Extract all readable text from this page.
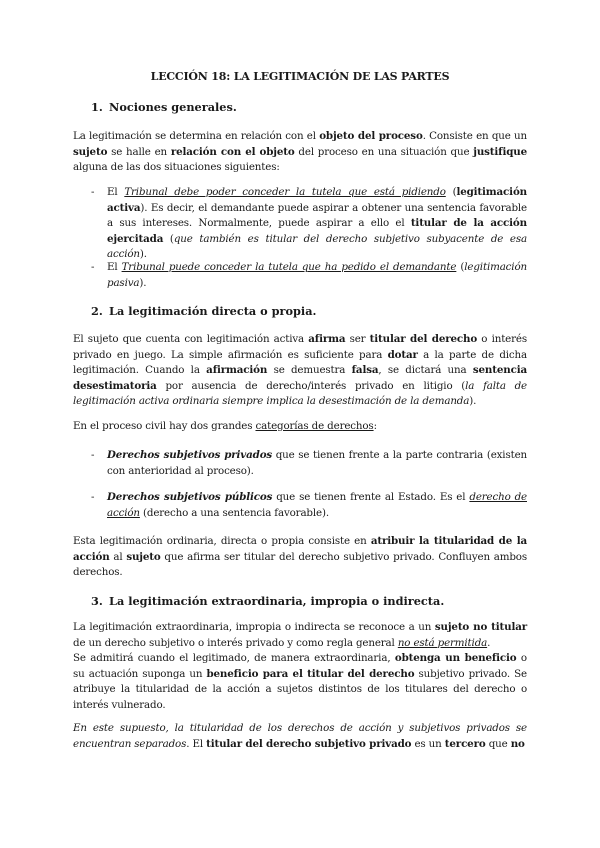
LECCIÓN 18: LA LEGITIMACIÓN DE LAS PARTES
1. Nociones generales.
La legitimación se determina en relación con el objeto del proceso. Consiste en que un sujeto se halle en relación con el objeto del proceso en una situación que justifique alguna de las dos situaciones siguientes:
- El Tribunal debe poder conceder la tutela que está pidiendo (legitimación activa). Es decir, el demandante puede aspirar a obtener una sentencia favorable a sus intereses. Normalmente, puede aspirar a ello el titular de la acción ejercitada (que también es titular del derecho subjetivo subyacente de esa acción).
- El Tribunal puede conceder la tutela que ha pedido el demandante (legitimación pasiva).
2. La legitimación directa o propia.
El sujeto que cuenta con legitimación activa afirma ser titular del derecho o interés privado en juego. La simple afirmación es suficiente para dotar a la parte de dicha legitimación. Cuando la afirmación se demuestra falsa, se dictará una sentencia desestimatoria por ausencia de derecho/interés privado en litigio (la falta de legitimación activa ordinaria siempre implica la desestimación de la demanda).
En el proceso civil hay dos grandes categorías de derechos:
- Derechos subjetivos privados que se tienen frente a la parte contraria (existen con anterioridad al proceso).
- Derechos subjetivos públicos que se tienen frente al Estado. Es el derecho de acción (derecho a una sentencia favorable).
Esta legitimación ordinaria, directa o propia consiste en atribuir la titularidad de la acción al sujeto que afirma ser titular del derecho subjetivo privado. Confluyen ambos derechos.
3. La legitimación extraordinaria, impropia o indirecta.
La legitimación extraordinaria, impropia o indirecta se reconoce a un sujeto no titular de un derecho subjetivo o interés privado y como regla general no está permitida.
Se admitirá cuando el legitimado, de manera extraordinaria, obtenga un beneficio o su actuación suponga un beneficio para el titular del derecho subjetivo privado. Se atribuye la titularidad de la acción a sujetos distintos de los titulares del derecho o interés vulnerado.
En este supuesto, la titularidad de los derechos de acción y subjetivos privados se encuentran separados. El titular del derecho subjetivo privado es un tercero que no
